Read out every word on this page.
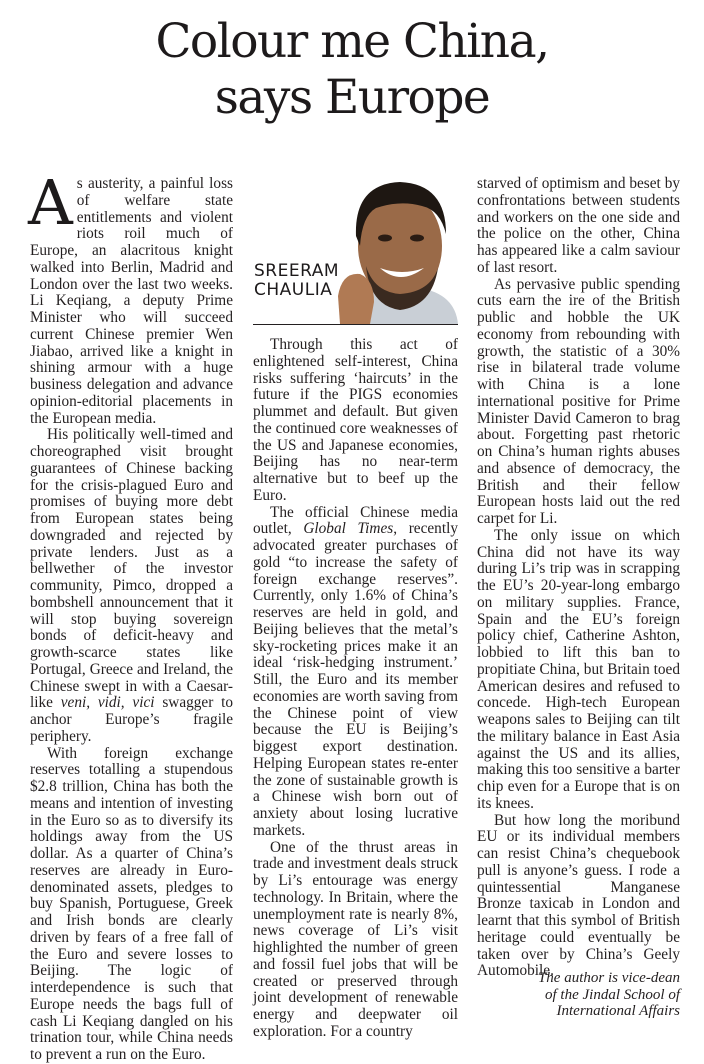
Colour me China,
says Europe

As austerity, a painful loss of welfare state entitlements and violent riots roil much of Europe, an alacritous knight walked into Berlin, Madrid and London over the last two weeks. Li Keqiang, a deputy Prime Minister who will succeed current Chinese premier Wen Jiabao, arrived like a knight in shining armour with a huge business delegation and advance opinion-editorial placements in the European media.

His politically well-timed and choreographed visit brought guarantees of Chinese backing for the crisis-plagued Euro and promises of buying more debt from European states being downgraded and rejected by private lenders. Just as a bellwether of the investor community, Pimco, dropped a bombshell announcement that it will stop buying sovereign bonds of deficit-heavy and growth-scarce states like Portugal, Greece and Ireland, the Chinese swept in with a Caesar-like veni, vidi, vici swagger to anchor Europe’s fragile periphery.

With foreign exchange reserves totalling a stupendous $2.8 trillion, China has both the means and intention of investing in the Euro so as to diversify its holdings away from the US dollar. As a quarter of China’s reserves are already in Euro-denominated assets, pledges to buy Spanish, Portuguese, Greek and Irish bonds are clearly driven by fears of a free fall of the Euro and severe losses to Beijing. The logic of interdependence is such that Europe needs the bags full of cash Li Keqiang dangled on his trination tour, while China needs to prevent a run on the Euro.

SREERAM
CHAULIA

Through this act of enlightened self-interest, China risks suffering ‘haircuts’ in the future if the PIGS economies plummet and default. But given the continued core weaknesses of the US and Japanese economies, Beijing has no near-term alternative but to beef up the Euro.

The official Chinese media outlet, Global Times, recently advocated greater purchases of gold “to increase the safety of foreign exchange reserves”. Currently, only 1.6% of China’s reserves are held in gold, and Beijing believes that the metal’s sky-rocketing prices make it an ideal ‘risk-hedging instrument.’ Still, the Euro and its member economies are worth saving from the Chinese point of view because the EU is Beijing’s biggest export destination. Helping European states re-enter the zone of sustainable growth is a Chinese wish born out of anxiety about losing lucrative markets.

One of the thrust areas in trade and investment deals struck by Li’s entourage was energy technology. In Britain, where the unemployment rate is nearly 8%, news coverage of Li’s visit highlighted the number of green and fossil fuel jobs that will be created or preserved through joint development of renewable energy and deepwater oil exploration. For a country

starved of optimism and beset by confrontations between students and workers on the one side and the police on the other, China has appeared like a calm saviour of last resort.

As pervasive public spending cuts earn the ire of the British public and hobble the UK economy from rebounding with growth, the statistic of a 30% rise in bilateral trade volume with China is a lone international positive for Prime Minister David Cameron to brag about. Forgetting past rhetoric on China’s human rights abuses and absence of democracy, the British and their fellow European hosts laid out the red carpet for Li.

The only issue on which China did not have its way during Li’s trip was in scrapping the EU’s 20-year-long embargo on military supplies. France, Spain and the EU’s foreign policy chief, Catherine Ashton, lobbied to lift this ban to propitiate China, but Britain toed American desires and refused to concede. High-tech European weapons sales to Beijing can tilt the military balance in East Asia against the US and its allies, making this too sensitive a barter chip even for a Europe that is on its knees.

But how long the moribund EU or its individual members can resist China’s chequebook pull is anyone’s guess. I rode a quintessential Manganese Bronze taxicab in London and learnt that this symbol of British heritage could eventually be taken over by China’s Geely Automobile.

The author is vice-dean
of the Jindal School of
International Affairs
